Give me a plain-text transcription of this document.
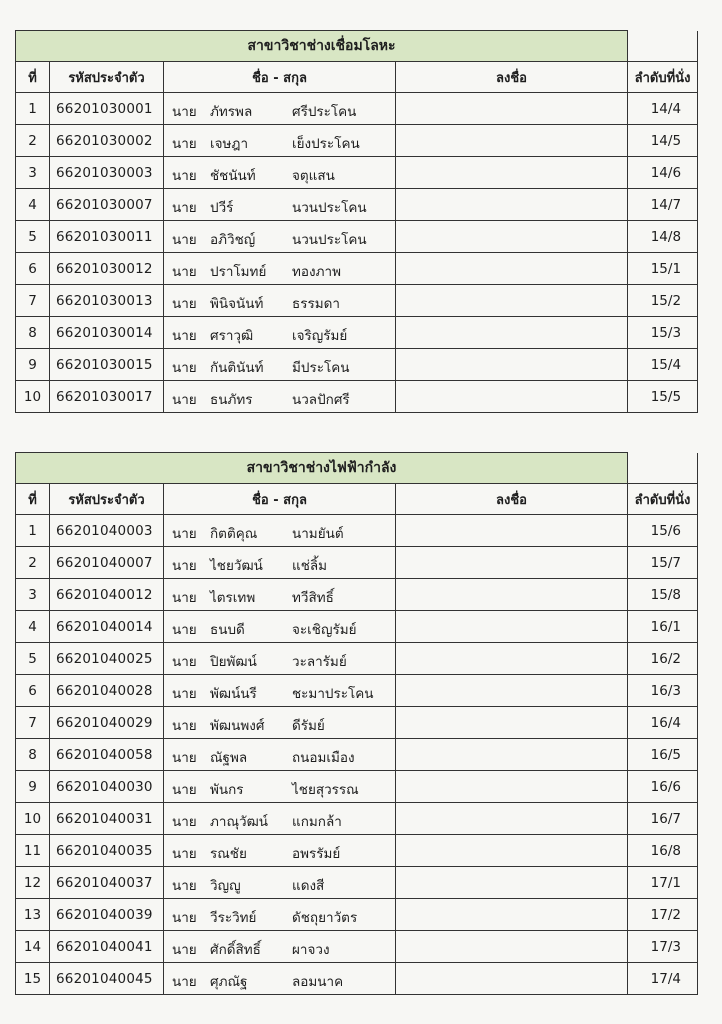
สาขาวิชาช่างเชื่อมโลหะ				
ที่	รหัสประจำตัว	ชื่อ - สกุล	ลงชื่อ	ลำดับที่นั่ง
1	66201030001	นาย ภัทรพล ศรีประโคน		14/4
2	66201030002	นาย เจษฎา เย็งประโคน		14/5
3	66201030003	นาย ชัชนันท์ จตุแสน		14/6
4	66201030007	นาย ปวีร์ นวนประโคน		14/7
5	66201030011	นาย อภิวิชญ์ นวนประโคน		14/8
6	66201030012	นาย ปราโมทย์ ทองภาพ		15/1
7	66201030013	นาย พินิจนันท์ ธรรมดา		15/2
8	66201030014	นาย ศราวุฒิ เจริญรัมย์		15/3
9	66201030015	นาย กันตินันท์ มีประโคน		15/4
10	66201030017	นาย ธนภัทร นวลปักศรี		15/5
สาขาวิชาช่างไฟฟ้ากำลัง				
ที่	รหัสประจำตัว	ชื่อ - สกุล	ลงชื่อ	ลำดับที่นั่ง
1	66201040003	นาย กิตติคุณ นามยันต์		15/6
2	66201040007	นาย ไชยวัฒน์ แช่ลิ้ม		15/7
3	66201040012	นาย ไตรเทพ ทวีสิทธิ์		15/8
4	66201040014	นาย ธนบดี จะเชิญรัมย์		16/1
5	66201040025	นาย ปิยพัฒน์ วะลารัมย์		16/2
6	66201040028	นาย พัฒน์นรี ชะมาประโคน		16/3
7	66201040029	นาย พัฒนพงศ์ ดีรัมย์		16/4
8	66201040058	นาย ณัฐพล ถนอมเมือง		16/5
9	66201040030	นาย พันกร ไชยสุวรรณ		16/6
10	66201040031	นาย ภาณุวัฒน์ แกมกล้า		16/7
11	66201040035	นาย รณชัย อพรรัมย์		16/8
12	66201040037	นาย วิญญู แดงสี		17/1
13	66201040039	นาย วีระวิทย์ ดัชถุยาวัตร		17/2
14	66201040041	นาย ศักดิ์สิทธิ์ ผาจวง		17/3
15	66201040045	นาย ศุภณัฐ ลอมนาค		17/4
